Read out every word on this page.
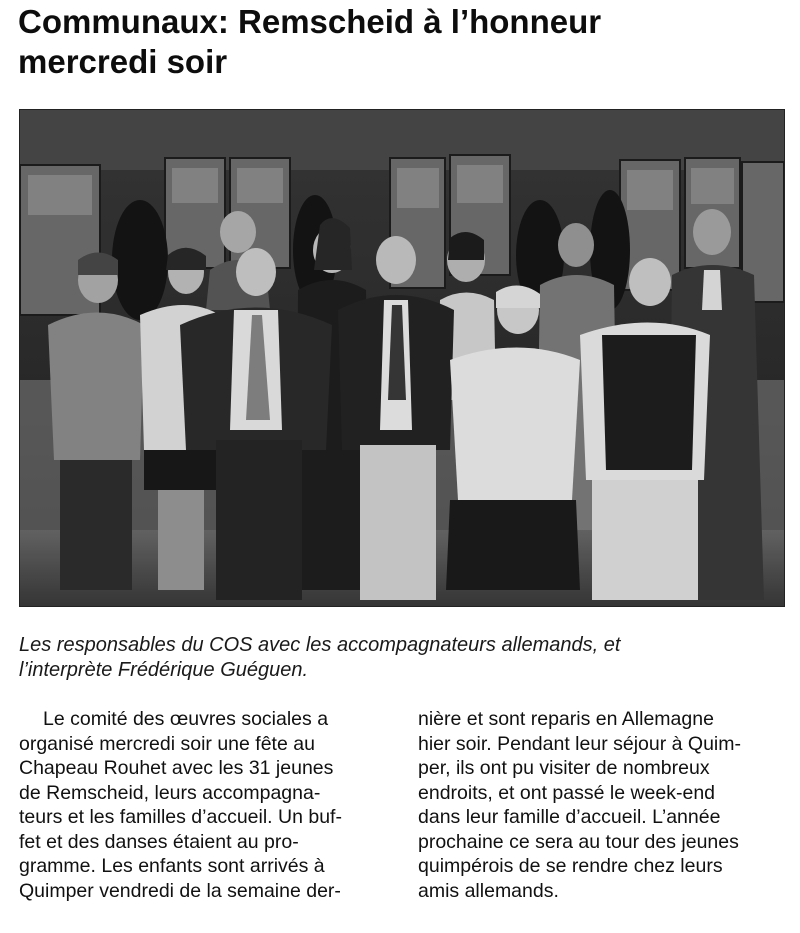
Communaux: Remscheid à l’honneur
mercredi soir

Les responsables du COS avec les accompagnateurs allemands, et
l’interprète Frédérique Guéguen.

Le comité des œuvres sociales a
organisé mercredi soir une fête au
Chapeau Rouhet avec les 31 jeunes
de Remscheid, leurs accompagna-
teurs et les familles d’accueil. Un buf-
fet et des danses étaient au pro-
gramme. Les enfants sont arrivés à
Quimper vendredi de la semaine der-
nière et sont reparis en Allemagne
hier soir. Pendant leur séjour à Quim-
per, ils ont pu visiter de nombreux
endroits, et ont passé le week-end
dans leur famille d’accueil. L’année
prochaine ce sera au tour des jeunes
quimpérois de se rendre chez leurs
amis allemands.
